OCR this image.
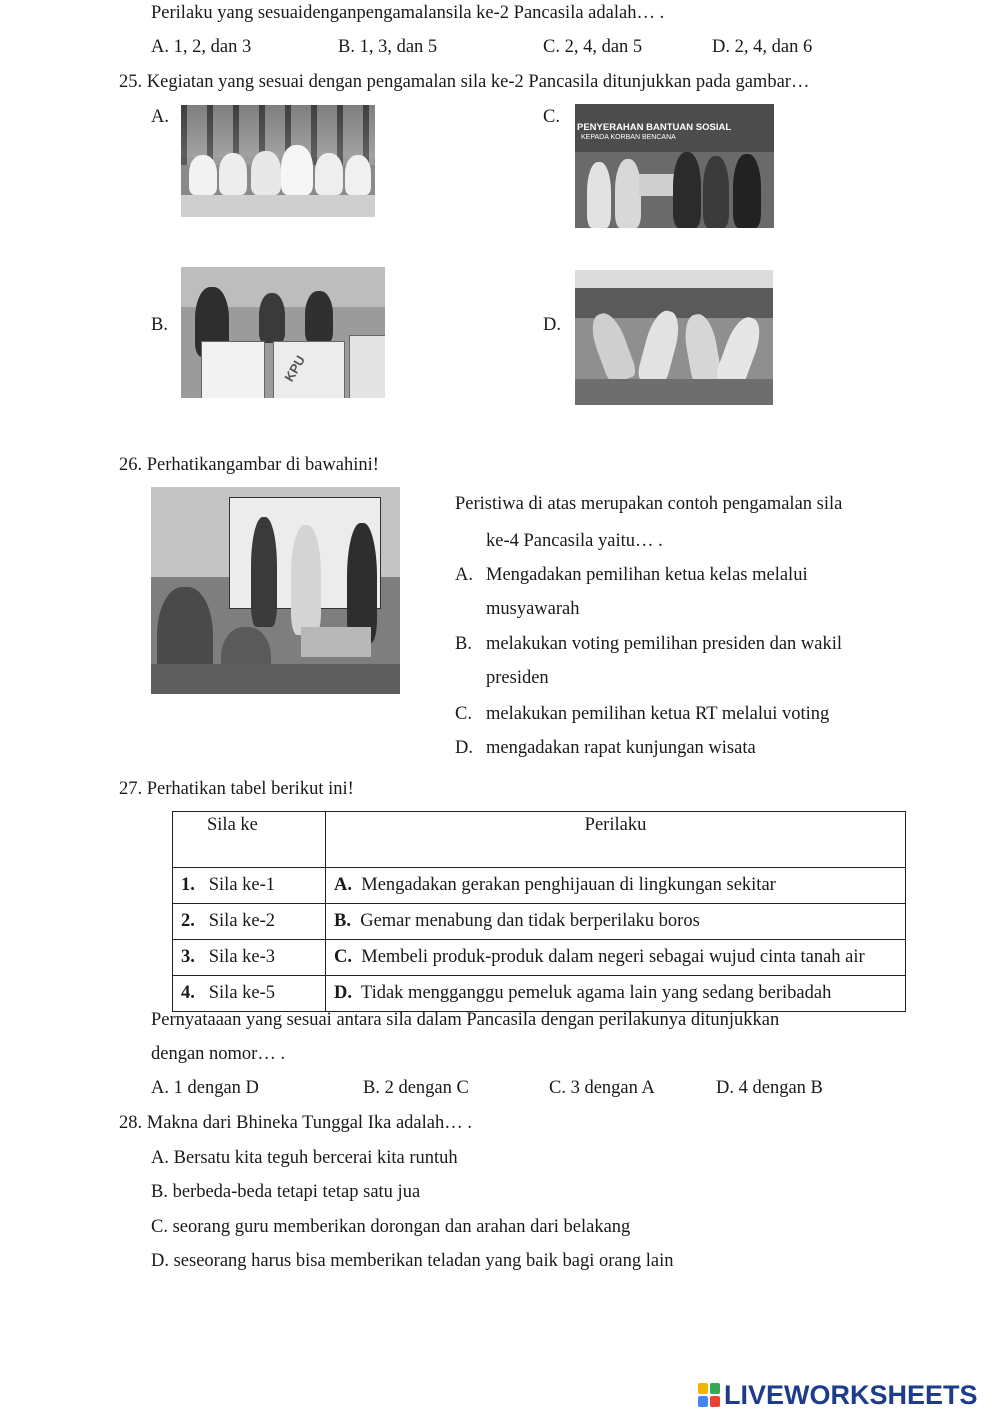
Perilaku yang sesuaidenganpengamalansila ke-2 Pancasila adalah… .
A. 1, 2, dan 3	B. 1, 3, dan 5	C. 2, 4, dan 5	D. 2, 4, dan 6
25. Kegiatan yang sesuai dengan pengamalan sila ke-2 Pancasila ditunjukkan pada gambar…
A.	C.
PENYERAHAN BANTUAN SOSIAL
KEPADA KORBAN BENCANA
B.
KPU
D.
26. Perhatikangambar di bawahini!
Peristiwa di atas merupakan contoh pengamalan sila
ke-4 Pancasila yaitu… .
A. Mengadakan pemilihan ketua kelas melalui
musyawarah
B. melakukan voting pemilihan presiden dan wakil
presiden
C. melakukan pemilihan ketua RT melalui voting
D. mengadakan rapat kunjungan wisata
27. Perhatikan tabel berikut ini!
Sila ke	Perilaku
1. Sila ke-1	A. Mengadakan gerakan penghijauan di lingkungan sekitar
2. Sila ke-2	B. Gemar menabung dan tidak berperilaku boros
3. Sila ke-3	C. Membeli produk-produk dalam negeri sebagai wujud cinta tanah air
4. Sila ke-5	D. Tidak mengganggu pemeluk agama lain yang sedang beribadah
Pernyataaan yang sesuai antara sila dalam Pancasila dengan perilakunya ditunjukkan
dengan nomor… .
A. 1 dengan D	B. 2 dengan C	C. 3 dengan A	D. 4 dengan B
28. Makna dari Bhineka Tunggal Ika adalah… .
A. Bersatu kita teguh bercerai kita runtuh
B. berbeda-beda tetapi tetap satu jua
C. seorang guru memberikan dorongan dan arahan dari belakang
D. seseorang harus bisa memberikan teladan yang baik bagi orang lain
LIVEWORKSHEETS
